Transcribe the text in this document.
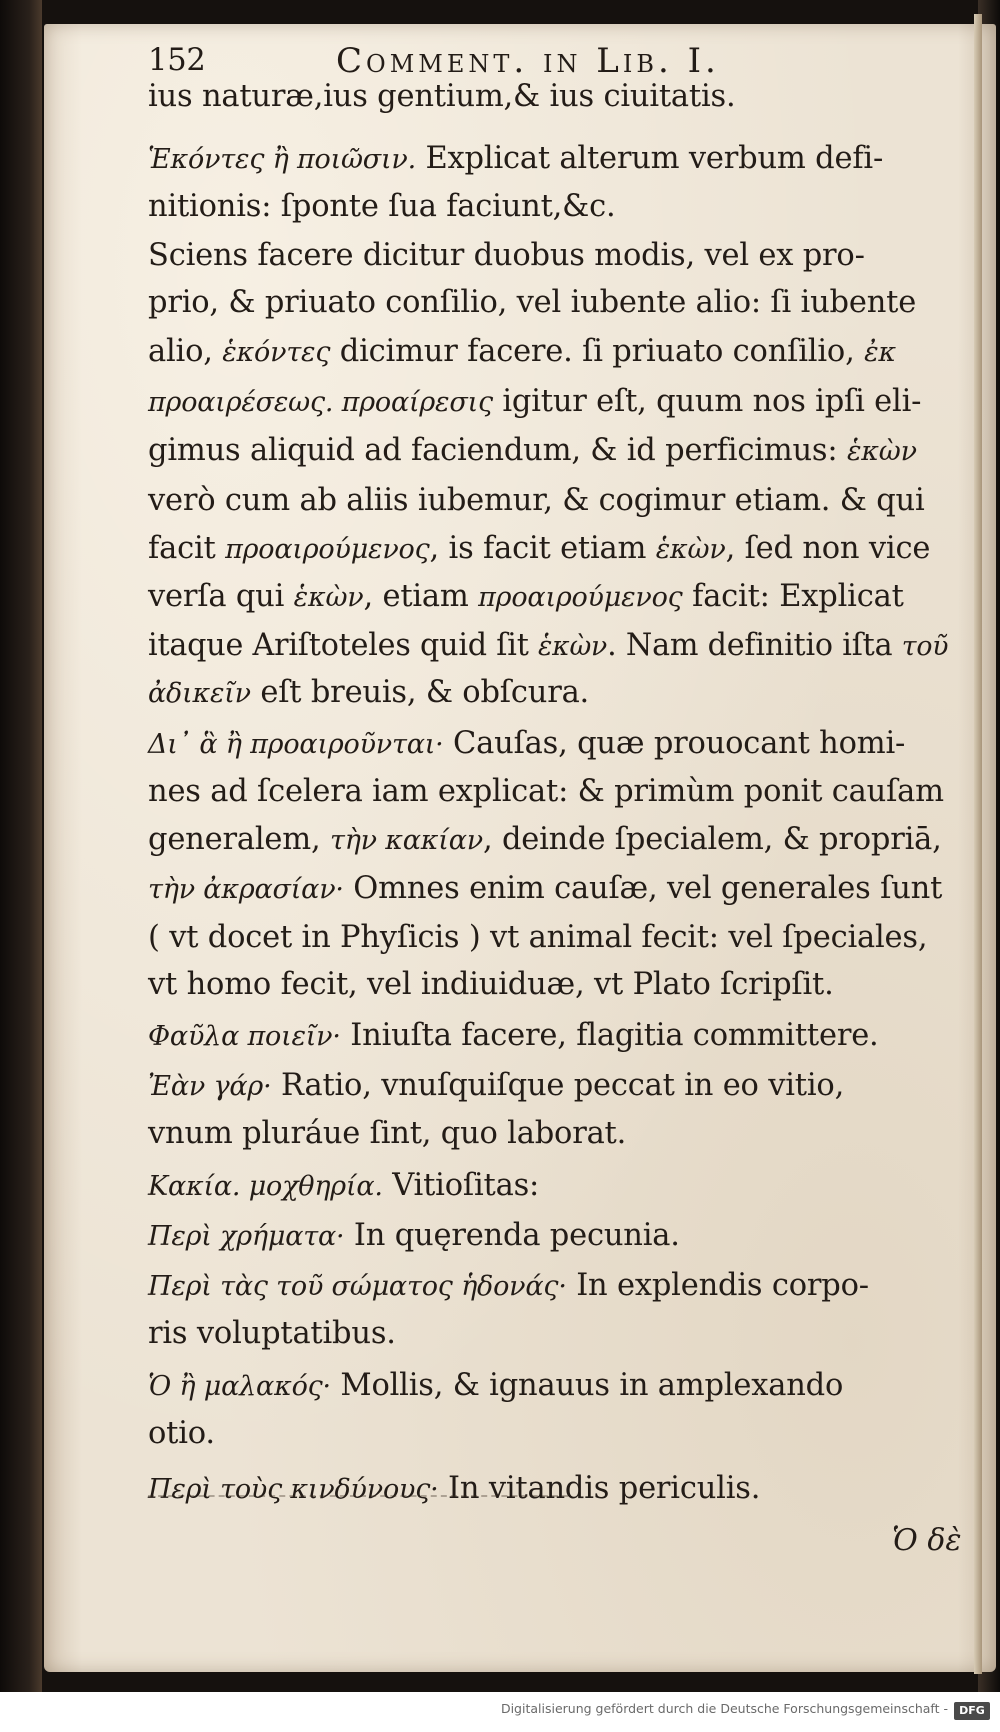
152	Comment. in Lib. I.
ius naturæ,ius gentium,& ius ciuitatis.
Ἑκόντες ἢ ποιῶσιν. Explicat alterum verbum defi-
nitionis: ſponte ſua faciunt,&c.
Sciens facere dicitur duobus modis, vel ex pro-
prio, & priuato conſilio, vel iubente alio: ſi iubente
alio, ἑκόντες dicimur facere. ſi priuato conſilio, ἐκ
προαιρέσεως. προαίρεσις igitur eſt, quum nos ipſi eli-
gimus aliquid ad faciendum, & id perficimus: ἑκὼν
verò cum ab aliis iubemur, & cogimur etiam. & qui
facit προαιρούμενος, is facit etiam ἑκὼν, ſed non vice
verſa qui ἑκὼν, etiam προαιρούμενος facit: Explicat
itaque Ariſtoteles quid ſit ἑκὼν. Nam definitio iſta τοῦ
ἀδικεῖν eſt breuis, & obſcura.
Δι᾽ ἃ ἢ προαιροῦνται· Cauſas, quæ prouocant homi-
nes ad ſcelera iam explicat: & primùm ponit cauſam
generalem, τὴν κακίαν, deinde ſpecialem, & propriā,
τὴν ἀκρασίαν· Omnes enim cauſæ, vel generales ſunt
( vt docet in Phyſicis ) vt animal fecit: vel ſpeciales,
vt homo fecit, vel indiuiduæ, vt Plato ſcripſit.
Φαῦλα ποιεῖν· Iniuſta facere, flagitia committere.
Ἐὰν γάρ· Ratio, vnuſquiſque peccat in eo vitio,
vnum pluráue ſint, quo laborat.
Κακία. μοχθηρία. Vitioſitas:
Περὶ χρήματα· In quęrenda pecunia.
Περὶ τὰς τοῦ σώματος ἡδονάς· In explendis corpo-
ris voluptatibus.
Ὁ ἢ μαλακός· Mollis, & ignauus in amplexando
otio.
Περὶ τοὺς κινδύνους· In vitandis periculis.
Ὁ δὲ
Digitalisierung gefördert durch die Deutsche Forschungsgemeinschaft -	DFG
